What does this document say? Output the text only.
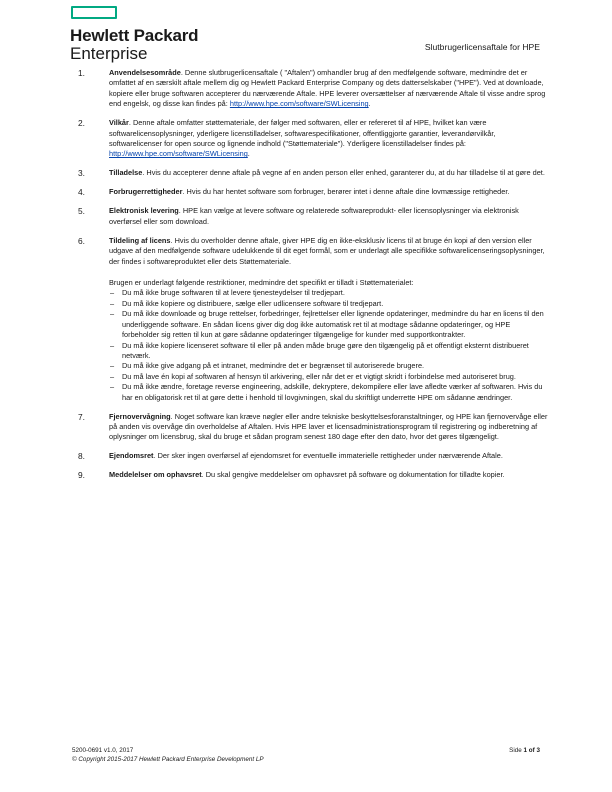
Hewlett Packard
Enterprise	Slutbrugerlicensaftale for HPE
1.	Anvendelsesområde. Denne slutbrugerlicensaftale ( "Aftalen") omhandler brug af den medfølgende software, medmindre det er omfattet af en særskilt aftale mellem dig og Hewlett Packard Enterprise Company og dets datterselskaber ("HPE"). Ved at downloade, kopiere eller bruge softwaren accepterer du nærværende Aftale. HPE leverer oversættelser af nærværende Aftale til visse andre sprog end engelsk, og disse kan findes på: http://www.hpe.com/software/SWLicensing.

2.	Vilkår. Denne aftale omfatter støttemateriale, der følger med softwaren, eller er refereret til af HPE, hvilket kan være softwarelicensoplysninger, yderligere licenstilladelser, softwarespecifikationer, offentliggjorte garantier, leverandørvilkår, softwarelicenser for open source og lignende indhold ("Støttemateriale"). Yderligere licenstilladelser findes på: http://www.hpe.com/software/SWLicensing.

3.	Tilladelse. Hvis du accepterer denne aftale på vegne af en anden person eller enhed, garanterer du, at du har tilladelse til at gøre det.

4.	Forbrugerrettigheder. Hvis du har hentet software som forbruger, berører intet i denne aftale dine lovmæssige rettigheder.

5.	Elektronisk levering. HPE kan vælge at levere software og relaterede softwareprodukt- eller licensoplysninger via elektronisk overførsel eller som download.

6.	Tildeling af licens. Hvis du overholder denne aftale, giver HPE dig en ikke-eksklusiv licens til at bruge én kopi af den version eller udgave af den medfølgende software udelukkende til dit eget formål, som er underlagt alle specifikke softwarelicenseringsoplysninger, der findes i softwareproduktet eller dets Støttemateriale.

Brugen er underlagt følgende restriktioner, medmindre det specifikt er tilladt i Støttematerialet:

– Du må ikke bruge softwaren til at levere tjenesteydelser til tredjepart.
– Du må ikke kopiere og distribuere, sælge eller udlicensere software til tredjepart.
– Du må ikke downloade og bruge rettelser, forbedringer, fejlrettelser eller lignende opdateringer, medmindre du har en licens til den underliggende software. En sådan licens giver dig dog ikke automatisk ret til at modtage sådanne opdateringer, og HPE forbeholder sig retten til kun at gøre sådanne opdateringer tilgængelige for kunder med supportkontrakter.
– Du må ikke kopiere licenseret software til eller på anden måde bruge gøre den tilgængelig på et offentligt eksternt distribueret netværk.
– Du må ikke give adgang på et intranet, medmindre det er begrænset til autoriserede brugere.
– Du må lave én kopi af softwaren af hensyn til arkivering, eller når det er et vigtigt skridt i forbindelse med autoriseret brug.
– Du må ikke ændre, foretage reverse engineering, adskille, dekryptere, dekompilere eller lave afledte værker af softwaren. Hvis du har en obligatorisk ret til at gøre dette i henhold til lovgivningen, skal du skriftligt underrette HPE om sådanne ændringer.
7.	Fjernovervågning. Noget software kan kræve nøgler eller andre tekniske beskyttelsesforanstaltninger, og HPE kan fjernovervåge eller på anden vis overvåge din overholdelse af Aftalen. Hvis HPE laver et licensadministrationsprogram til registrering og indberetning af oplysninger om licensbrug, skal du bruge et sådan program senest 180 dage efter den dato, hvor det gøres tilgængeligt.

8.	Ejendomsret. Der sker ingen overførsel af ejendomsret for eventuelle immaterielle rettigheder under nærværende Aftale.

9.	Meddelelser om ophavsret. Du skal gengive meddelelser om ophavsret på software og dokumentation for tilladte kopier.

5200-0691 v1.0, 2017
© Copyright 2015-2017 Hewlett Packard Enterprise Development LP
Side 1 of 3
